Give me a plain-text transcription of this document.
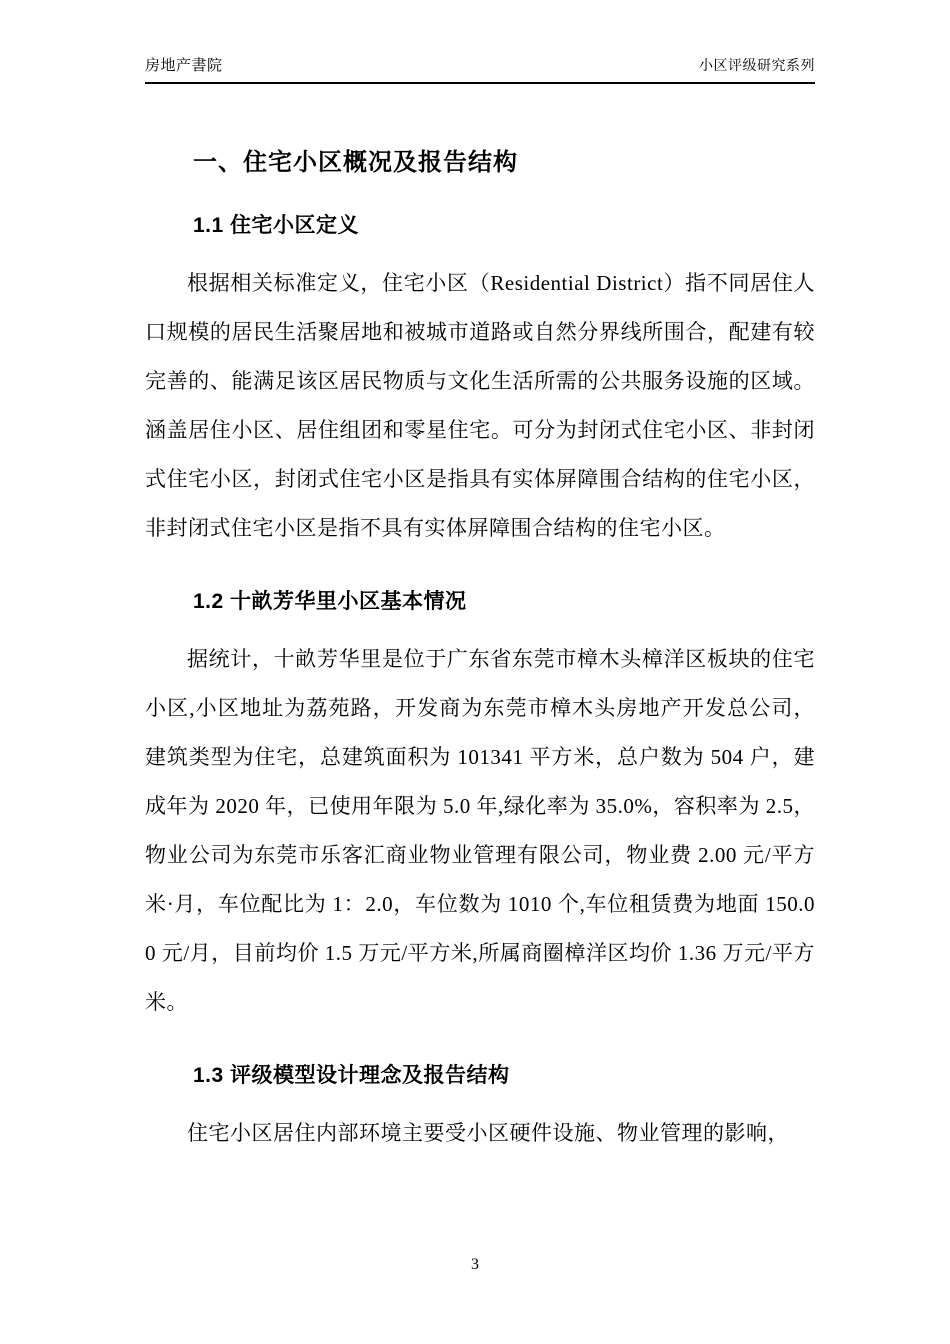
房地产書院	小区评级研究系列
一、住宅小区概况及报告结构
1.1 住宅小区定义

根据相关标准定义，住宅小区（Residential District）指不同居住人口规模的居民生活聚居地和被城市道路或自然分界线所围合，配建有较完善的、能满足该区居民物质与文化生活所需的公共服务设施的区域。涵盖居住小区、居住组团和零星住宅。可分为封闭式住宅小区、非封闭式住宅小区，封闭式住宅小区是指具有实体屏障围合结构的住宅小区，非封闭式住宅小区是指不具有实体屏障围合结构的住宅小区。

1.2 十畝芳华里小区基本情况

据统计，十畝芳华里是位于广东省东莞市樟木头樟洋区板块的住宅小区,小区地址为荔苑路，开发商为东莞市樟木头房地产开发总公司，建筑类型为住宅，总建筑面积为 101341 平方米，总户数为 504 户，建成年为 2020 年，已使用年限为 5.0 年,绿化率为 35.0%，容积率为 2.5，物业公司为东莞市乐客汇商业物业管理有限公司，物业费 2.00 元/平方米·月，车位配比为 1：2.0，车位数为 1010 个,车位租赁费为地面 150.00 元/月，目前均价 1.5 万元/平方米,所属商圈樟洋区均价 1.36 万元/平方米。

1.3 评级模型设计理念及报告结构

住宅小区居住内部环境主要受小区硬件设施、物业管理的影响，

3
